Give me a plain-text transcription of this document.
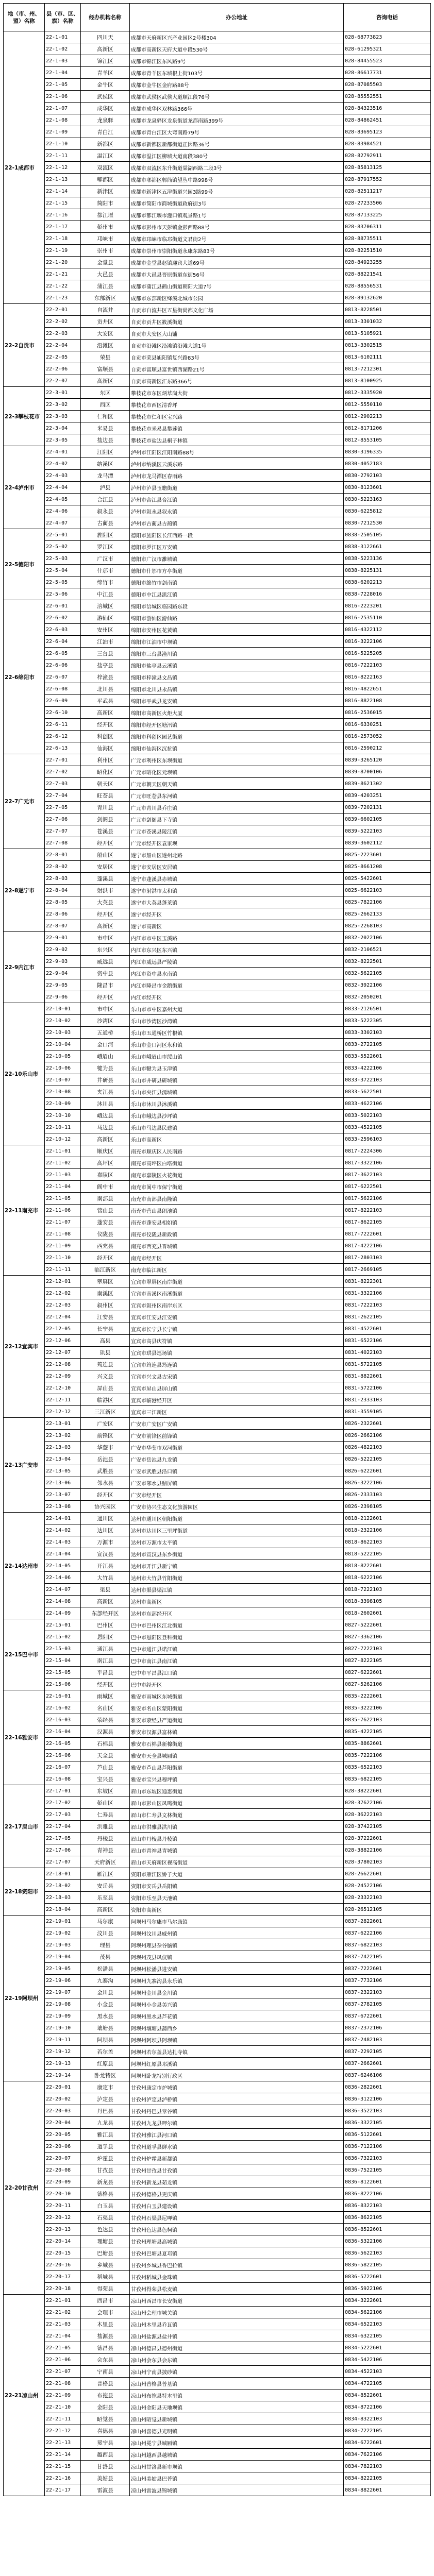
地（市、州、盟）名称	县（市、区、旗）名称	经办机构名称	办公地址	咨询电话
22-1成都市	22-1-01	四川天	成都市天府新区兴产业园区2号楼304	028-68773823
	22-1-02	高新区	成都市高新区天府大道中段530号	028-61295321
	22-1-03	锦江区	成都市锦江区东风路9号	028-84455523
	22-1-04	青羊区	成都市青羊区东城根上街103号	028-86617731
	22-1-05	金牛区	成都市金牛区金府路88号	028-87085503
	22-1-06	武侯区	成都市武侯区武侯大道顺江段76号	028-85552551
	22-1-07	成华区	成都市成华区双林路366号	028-84323516
	22-1-08	龙泉驿	成都市龙泉驿区龙泉街道龙都南路399号	028-84862451
	22-1-09	青白江	成都市青白江区大弯南路79号	028-83695123
	22-1-10	新都区	成都市新都区新都街道正因路36号	028-83984521
	22-1-11	温江区	成都市温江区柳城大道南段380号	028-82792911
	22-1-12	双流区	成都市双流区东升街道棠湖西路二段3号	028-85813125
	22-1-13	郫都区	成都市郫都区郫筒镇望丛中路998号	028-87917552
	22-1-14	新津区	成都市新津区五津街道兴园3路99号	028-82511217
	22-1-15	简阳市	成都市简阳市简城街道政府街3号	028-27233506
	22-1-16	都江堰	成都市都江堰市灌口镇观景路1号	028-87133225
	22-1-17	彭州市	成都市彭州市天彭镇金彭西路88号	028-83706311
	22-1-18	邛崃市	成都市邛崃市临邛街道文君街2号	028-88735511
	22-1-19	崇州市	成都市崇州市崇阳街道永康东路83号	028-82251510
	22-1-20	金堂县	成都市金堂县赵镇迎宾大道69号	028-84923255
	22-1-21	大邑县	成都市大邑县晋原街道东街56号	028-88221541
	22-1-22	蒲江县	成都市蒲江县鹤山街道朝阳大道7号	028-88556531
	22-1-23	东部新区	成都市东部新区绛溪北城市公园	028-89132620
22-2自贡市	22-2-01	自流井	自贡市自流井区五星街尚都文化广场	0813-8228501
	22-2-02	贡井区	自贡市贡井区筱溪街道	0813-3301032
	22-2-03	大安区	自贡市大安区大山铺	0813-5105921
	22-2-04	沿滩区	自贡市沿滩区沿滩镇沿滩大道1号	0813-3302515
	22-2-05	荣县	自贡市荣县旭阳镇复兴路83号	0813-6102111
	22-2-06	富顺县	自贡市富顺县富世镇西湖路21号	0813-7212301
	22-2-07	高新区	自贡市高新区汇东路366号	0813-8100925
22-3攀枝花市	22-3-01	东区	攀枝花市东区炳草岗大街	0812-3335920
	22-3-02	西区	攀枝花市西区清香坪	0812-5550110
	22-3-03	仁和区	攀枝花市仁和区宝兴路	0812-2902213
	22-3-04	米易县	攀枝花市米易县攀莲镇	0812-8171206
	22-3-05	盐边县	攀枝花市盐边县桐子林镇	0812-8553105
22-4泸州市	22-4-01	江阳区	泸州市江阳区江阳南路88号	0830-3196335
	22-4-02	纳溪区	泸州市纳溪区云溪东路	0830-4052183
	22-4-03	龙马潭	泸州市龙马潭区春雨路	0830-2792103
	22-4-04	泸县	泸州市泸县玉蟾街道	0830-8123601
	22-4-05	合江县	泸州市合江县合江镇	0830-5223163
	22-4-06	叙永县	泸州市叙永县叙永镇	0830-6225812
	22-4-07	古蔺县	泸州市古蔺县古蔺镇	0830-7212530
22-5德阳市	22-5-01	旌阳区	德阳市旌阳区长江西路一段	0838-2505105
	22-5-02	罗江区	德阳市罗江区万安镇	0838-3122661
	22-5-03	广汉市	德阳市广汉市雒城镇	0838-5223136
	22-5-04	什邡市	德阳市什邡市方亭街道	0838-8225131
	22-5-05	绵竹市	德阳市绵竹市剑南镇	0838-6202213
	22-5-06	中江县	德阳市中江县凯江镇	0838-7228016
22-6绵阳市	22-6-01	涪城区	绵阳市涪城区临园路东段	0816-2223201
	22-6-02	游仙区	绵阳市游仙区游仙路	0816-2535110
	22-6-03	安州区	绵阳市安州区花荄镇	0816-4322112
	22-6-04	江油市	绵阳市江油市中坝镇	0816-3222106
	22-6-05	三台县	绵阳市三台县潼川镇	0816-5225205
	22-6-06	盐亭县	绵阳市盐亭县云溪镇	0816-7222103
	22-6-07	梓潼县	绵阳市梓潼县文昌镇	0816-8222163
	22-6-08	北川县	绵阳市北川县永昌镇	0816-4822651
	22-6-09	平武县	绵阳市平武县龙安镇	0816-8822108
	22-6-10	高新区	绵阳市高新区火炬大厦	0816-2536015
	22-6-11	经开区	绵阳市经开区塘汛镇	0816-6330251
	22-6-12	科创区	绵阳市科创区园艺街道	0816-2573052
	22-6-13	仙海区	绵阳市仙海区沉抗镇	0816-2590212
22-7广元市	22-7-01	利州区	广元市利州区东坝街道	0839-3265120
	22-7-02	昭化区	广元市昭化区元坝镇	0839-8700106
	22-7-03	朝天区	广元市朝天区朝天镇	0839-8621302
	22-7-04	旺苍县	广元市旺苍县东河镇	0839-4203251
	22-7-05	青川县	广元市青川县乔庄镇	0839-7202131
	22-7-06	剑阁县	广元市剑阁县下寺镇	0839-6602105
	22-7-07	苍溪县	广元市苍溪县陵江镇	0839-5222103
	22-7-08	经开区	广元市经开区袁家坝	0839-3602112
22-8遂宁市	22-8-01	船山区	遂宁市船山区遂州北路	0825-2223601
	22-8-02	安居区	遂宁市安居区安居镇	0825-8661208
	22-8-03	蓬溪县	遂宁市蓬溪县赤城镇	0825-5422601
	22-8-04	射洪市	遂宁市射洪市太和镇	0825-6622103
	22-8-05	大英县	遂宁市大英县蓬莱镇	0825-7822106
	22-8-06	经开区	遂宁市经开区	0825-2662133
	22-8-07	高新区	遂宁市高新区	0825-2268103
22-9内江市	22-9-01	市中区	内江市市中区玉溪路	0832-2022106
	22-9-02	东兴区	内江市东兴区东兴镇	0832-2106521
	22-9-03	威远县	内江市威远县严陵镇	0832-8222501
	22-9-04	资中县	内江市资中县水南镇	0832-5622105
	22-9-05	隆昌市	内江市隆昌市金鹅街道	0832-3922106
	22-9-06	经开区	内江市经开区	0832-2050201
22-10乐山市	22-10-01	市中区	乐山市市中区嘉州大道	0833-2126501
	22-10-02	沙湾区	乐山市沙湾区沙湾镇	0833-5222305
	22-10-03	五通桥	乐山市五通桥区竹根镇	0833-3302103
	22-10-04	金口河	乐山市金口河区永和镇	0833-2722105
	22-10-05	峨眉山	乐山市峨眉山市绥山镇	0833-5522601
	22-10-06	犍为县	乐山市犍为县玉津镇	0833-4222106
	22-10-07	井研县	乐山市井研县研城镇	0833-3722103
	22-10-08	夹江县	乐山市夹江县漹城镇	0833-5622501
	22-10-09	沐川县	乐山市沐川县沐溪镇	0833-4622106
	22-10-10	峨边县	乐山市峨边县沙坪镇	0833-5022103
	22-10-11	马边县	乐山市马边县民建镇	0833-4522105
	22-10-12	高新区	乐山市高新区	0833-2596103
22-11南充市	22-11-01	顺庆区	南充市顺庆区人民南路	0817-2224306
	22-11-02	高坪区	南充市高坪区白塔街道	0817-3322106
	22-11-03	嘉陵区	南充市嘉陵区火花街道	0817-3622103
	22-11-04	阆中市	南充市阆中市保宁街道	0817-6222501
	22-11-05	南部县	南充市南部县南隆镇	0817-5622106
	22-11-06	营山县	南充市营山县朗池镇	0817-8222103
	22-11-07	蓬安县	南充市蓬安县相如镇	0817-8622105
	22-11-08	仪陇县	南充市仪陇县新政镇	0817-7222601
	22-11-09	西充县	南充市西充县晋城镇	0817-4222106
	22-11-10	经开区	南充市经开区	0817-2803103
	22-11-11	临江新区	南充市临江新区	0817-2669105
22-12宜宾市	22-12-01	翠屏区	宜宾市翠屏区南岸街道	0831-8222301
	22-12-02	南溪区	宜宾市南溪区南溪街道	0831-3322106
	22-12-03	叙州区	宜宾市叙州区南岸东区	0831-7222103
	22-12-04	江安县	宜宾市江安县江安镇	0831-2622105
	22-12-05	长宁县	宜宾市长宁县长宁镇	0831-4522601
	22-12-06	高县	宜宾市高县庆符镇	0831-6522106
	22-12-07	珙县	宜宾市珙县巡场镇	0831-4022103
	22-12-08	筠连县	宜宾市筠连县筠连镇	0831-5722105
	22-12-09	兴文县	宜宾市兴文县古宋镇	0831-8822601
	22-12-10	屏山县	宜宾市屏山县屏山镇	0831-5722106
	22-12-11	临港区	宜宾市临港经开区	0831-2333103
	22-12-12	三江新区	宜宾市三江新区	0831-3559105
22-13广安市	22-13-01	广安区	广安市广安区广安镇	0826-2322601
	22-13-02	前锋区	广安市前锋区前锋镇	0826-2662106
	22-13-03	华蓥市	广安市华蓥市双河街道	0826-4822103
	22-13-04	岳池县	广安市岳池县九龙镇	0826-5222105
	22-13-05	武胜县	广安市武胜县沿口镇	0826-6222601
	22-13-06	邻水县	广安市邻水县鼎屏镇	0826-3222106
	22-13-07	经开区	广安市经开区	0826-2333103
	22-13-08	协兴园区	广安市协兴生态文化旅游园区	0826-2398105
22-14达州市	22-14-01	通川区	达州市通川区朝阳街道	0818-2122601
	22-14-02	达川区	达州市达川区三里坪街道	0818-2322106
	22-14-03	万源市	达州市万源市太平镇	0818-8622103
	22-14-04	宣汉县	达州市宣汉县东乡街道	0818-5222105
	22-14-05	开江县	达州市开江县新宁镇	0818-8222601
	22-14-06	大竹县	达州市大竹县竹阳街道	0818-6222106
	22-14-07	渠县	达州市渠县渠江镇	0818-7222103
	22-14-08	高新区	达州市高新区	0818-3398105
	22-14-09	东部经开区	达州市东部经开区	0818-2602601
22-15巴中市	22-15-01	巴州区	巴中市巴州区江北街道	0827-5222601
	22-15-02	恩阳区	巴中市恩阳区登科街道	0827-3362106
	22-15-03	通江县	巴中市通江县诺江镇	0827-7222103
	22-15-04	南江县	巴中市南江县南江镇	0827-8222105
	22-15-05	平昌县	巴中市平昌县江口镇	0827-6222601
	22-15-06	经开区	巴中市经开区	0827-5262106
22-16雅安市	22-16-01	雨城区	雅安市雨城区东城街道	0835-2222601
	22-16-02	名山区	雅安市名山区蒙阳街道	0835-3222106
	22-16-03	荥经县	雅安市荥经县严道街道	0835-7622103
	22-16-04	汉源县	雅安市汉源县富林镇	0835-4222105
	22-16-05	石棉县	雅安市石棉县新棉街道	0835-8862601
	22-16-06	天全县	雅安市天全县城厢镇	0835-7222106
	22-16-07	芦山县	雅安市芦山县芦阳街道	0835-6522103
	22-16-08	宝兴县	雅安市宝兴县穆坪镇	0835-6822105
22-17眉山市	22-17-01	东坡区	眉山市东坡区通惠街道	028-38222601
	22-17-02	彭山区	眉山市彭山区凤鸣街道	028-37622106
	22-17-03	仁寿县	眉山市仁寿县文林街道	028-36222103
	22-17-04	洪雅县	眉山市洪雅县洪川镇	028-37422105
	22-17-05	丹棱县	眉山市丹棱县丹棱镇	028-37222601
	22-17-06	青神县	眉山市青神县青城镇	028-38822106
	22-17-07	天府新区	眉山市天府新区视高街道	028-37802103
22-18资阳市	22-18-01	雁江区	资阳市雁江区娇子大道	028-26622601
	22-18-02	安岳县	资阳市安岳县岳阳镇	028-24522106
	22-18-03	乐至县	资阳市乐至县天池镇	028-23322103
	22-18-04	高新区	资阳市高新区	028-26512105
22-19阿坝州	22-19-01	马尔康	阿坝州马尔康市马尔康镇	0837-2822601
	22-19-02	汶川县	阿坝州汶川县威州镇	0837-6222106
	22-19-03	理县	阿坝州理县杂谷脑镇	0837-6822103
	22-19-04	茂县	阿坝州茂县凤仪镇	0837-7422105
	22-19-05	松潘县	阿坝州松潘县进安镇	0837-7222601
	22-19-06	九寨沟	阿坝州九寨沟县永乐镇	0837-7732106
	22-19-07	金川县	阿坝州金川县金川镇	0837-2322103
	22-19-08	小金县	阿坝州小金县美兴镇	0837-2782105
	22-19-09	黑水县	阿坝州黑水县芦花镇	0837-6722601
	22-19-10	壤塘县	阿坝州壤塘县蒲西乡	0837-2372106
	22-19-11	阿坝县	阿坝州阿坝县阿坝镇	0837-2482103
	22-19-12	若尔盖	阿坝州若尔盖县达扎寺镇	0837-2292105
	22-19-13	红原县	阿坝州红原县邛溪镇	0837-2662601
	22-19-14	卧龙特区	阿坝州卧龙特别行政区	0837-6246106
22-20甘孜州	22-20-01	康定市	甘孜州康定市炉城镇	0836-2822601
	22-20-02	泸定县	甘孜州泸定县泸桥镇	0836-3122106
	22-20-03	丹巴县	甘孜州丹巴县章谷镇	0836-3522103
	22-20-04	九龙县	甘孜州九龙县呷尔镇	0836-3322105
	22-20-05	雅江县	甘孜州雅江县河口镇	0836-5122601
	22-20-06	道孚县	甘孜州道孚县鲜水镇	0836-7122106
	22-20-07	炉霍县	甘孜州炉霍县新都镇	0836-7322103
	22-20-08	甘孜县	甘孜州甘孜县甘孜镇	0836-7522105
	22-20-09	新龙县	甘孜州新龙县茹龙镇	0836-8122601
	22-20-10	德格县	甘孜州德格县更庆镇	0836-8222106
	22-20-11	白玉县	甘孜州白玉县建设镇	0836-8322103
	22-20-12	石渠县	甘孜州石渠县尼呷镇	0836-8622105
	22-20-13	色达县	甘孜州色达县色柯镇	0836-8522601
	22-20-14	理塘县	甘孜州理塘县高城镇	0836-5322106
	22-20-15	巴塘县	甘孜州巴塘县夏邛镇	0836-5622103
	22-20-16	乡城县	甘孜州乡城县香巴拉镇	0836-5822105
	22-20-17	稻城县	甘孜州稻城县金珠镇	0836-5722601
	22-20-18	得荣县	甘孜州得荣县松麦镇	0836-5922106
22-21凉山州	22-21-01	西昌市	凉山州西昌市长安街道	0834-3222601
	22-21-02	会理市	凉山州会理市城关镇	0834-5622106
	22-21-03	木里县	凉山州木里县乔瓦镇	0834-6522103
	22-21-04	盐源县	凉山州盐源县盐井镇	0834-6322105
	22-21-05	德昌县	凉山州德昌县德州街道	0834-5222601
	22-21-06	会东县	凉山州会东县会东镇	0834-5422106
	22-21-07	宁南县	凉山州宁南县披砂镇	0834-4522103
	22-21-08	普格县	凉山州普格县普基镇	0834-4722105
	22-21-09	布拖县	凉山州布拖县特木里镇	0834-8522601
	22-21-10	金阳县	凉山州金阳县天地坝镇	0834-8722106
	22-21-11	昭觉县	凉山州昭觉县新城镇	0834-8322103
	22-21-12	喜德县	凉山州喜德县光明镇	0834-7222105
	22-21-13	冕宁县	凉山州冕宁县城厢镇	0834-6722601
	22-21-14	越西县	凉山州越西县越城镇	0834-7622106
	22-21-15	甘洛县	凉山州甘洛县新市坝镇	0834-7822103
	22-21-16	美姑县	凉山州美姑县巴普镇	0834-8222105
	22-21-17	雷波县	凉山州雷波县锦城镇	0834-8822601
